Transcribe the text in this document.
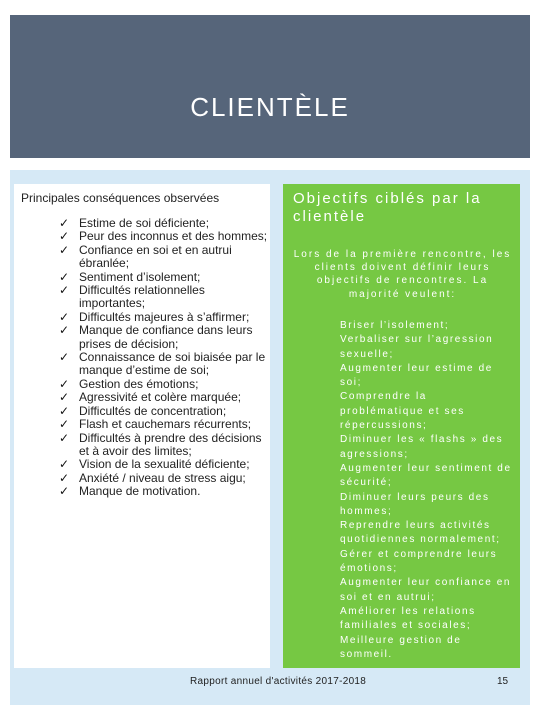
CLIENTÈLE
Principales conséquences observées
✓ Estime de soi déficiente;
✓ Peur des inconnus et des hommes;
✓ Confiance en soi et en autrui ébranlée;
✓ Sentiment d’isolement;
✓ Difficultés relationnelles importantes;
✓ Difficultés majeures à s’affirmer;
✓ Manque de confiance dans leurs prises de décision;
✓ Connaissance de soi biaisée par le manque d’estime de soi;
✓ Gestion des émotions;
✓ Agressivité et colère marquée;
✓ Difficultés de concentration;
✓ Flash et cauchemars récurrents;
✓ Difficultés à prendre des décisions et à avoir des limites;
✓ Vision de la sexualité déficiente;
✓ Anxiété / niveau de stress aigu;
✓ Manque de motivation.
Objectifs ciblés par la clientèle
Lors de la première rencontre, les clients doivent définir leurs objectifs de rencontres. La majorité veulent:
Briser l’isolement;
Verbaliser sur l’agression sexuelle;
Augmenter leur estime de soi;
Comprendre la problématique et ses répercussions;
Diminuer les « flashs » des agressions;
Augmenter leur sentiment de sécurité;
Diminuer leurs peurs des hommes;
Reprendre leurs activités quotidiennes normalement;
Gérer et comprendre leurs émotions;
Augmenter leur confiance en soi et en autrui;
Améliorer les relations familiales et sociales;
Meilleure gestion de sommeil.
Rapport annuel d'activités 2017-2018	15
